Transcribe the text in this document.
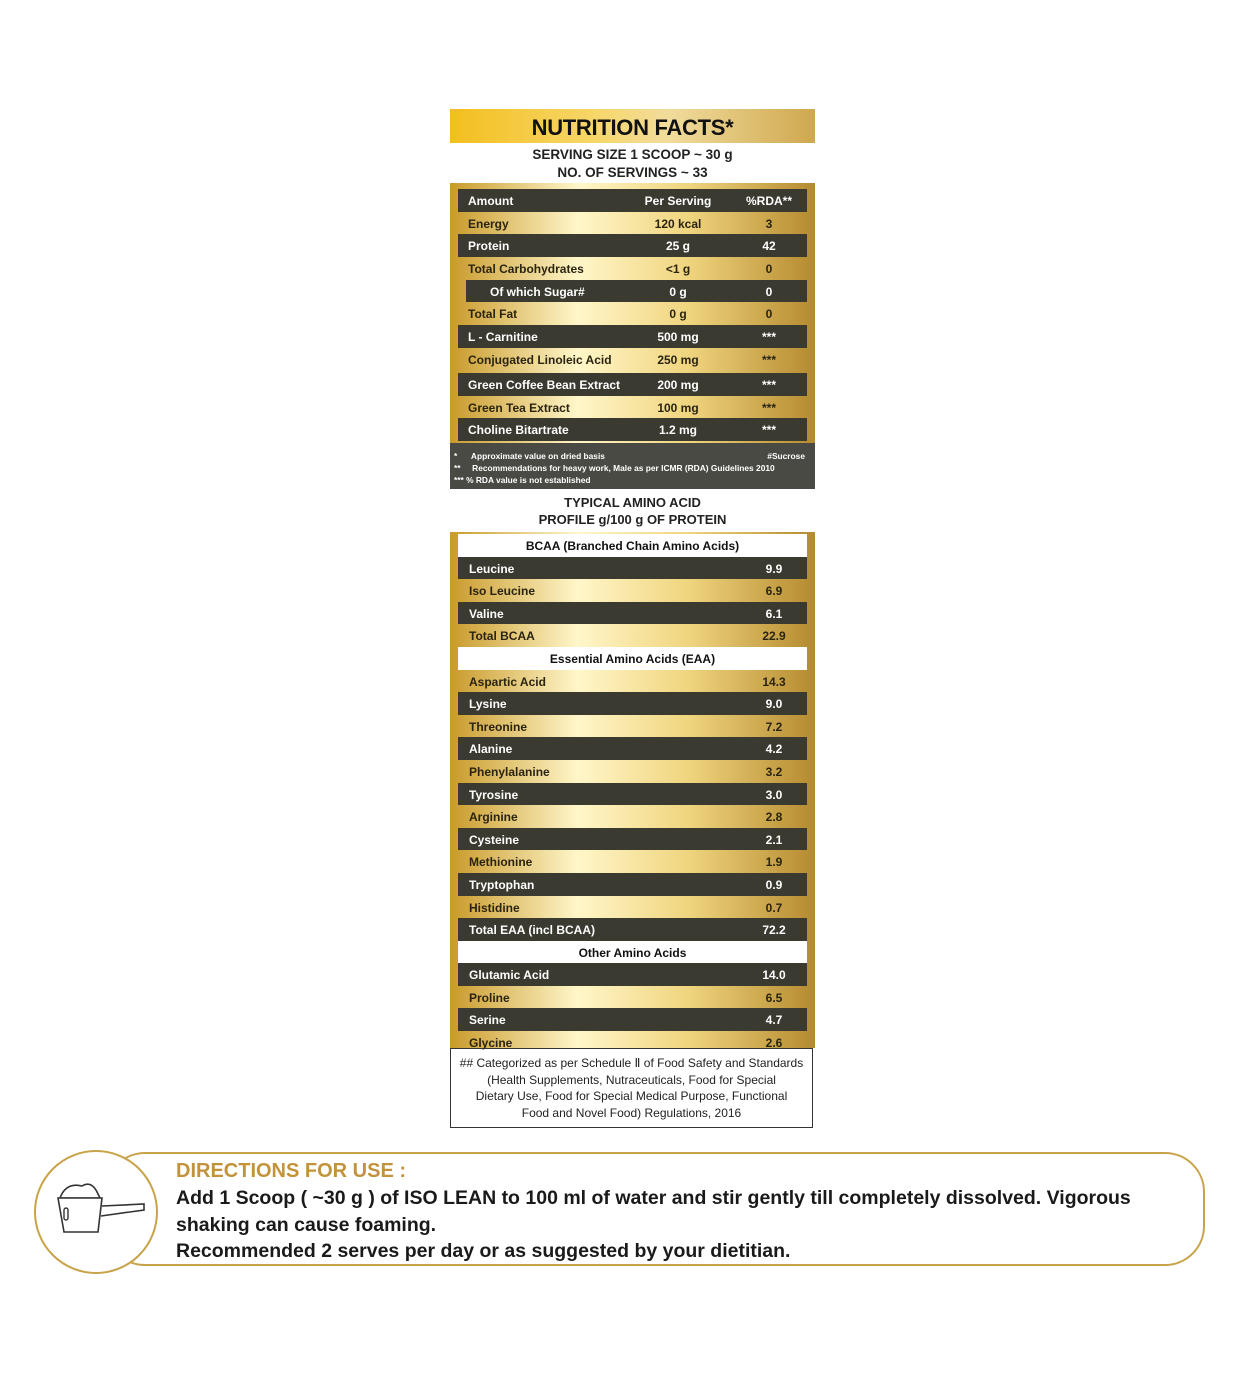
NUTRITION FACTS*
SERVING SIZE 1 SCOOP ~ 30 g
NO. OF SERVINGS ~ 33
Amount	Per Serving	%RDA**
Energy	120 kcal	3
Protein	25 g	42
Total Carbohydrates	<1 g	0
Of which Sugar#	0 g	0
Total Fat	0 g	0
L - Carnitine	500 mg	***
Conjugated Linoleic Acid	250 mg	***
Green Coffee Bean Extract	200 mg	***
Green Tea Extract	100 mg	***
Choline Bitartrate	1.2 mg	***
*      Approximate value on dried basis	#Sucrose
**     Recommendations for heavy work, Male as per ICMR (RDA) Guidelines 2010
*** % RDA value is not established
TYPICAL AMINO ACID
PROFILE g/100 g OF PROTEIN
BCAA (Branched Chain Amino Acids)
Leucine	9.9
Iso Leucine	6.9
Valine	6.1
Total BCAA	22.9
Essential Amino Acids (EAA)
Aspartic Acid	14.3
Lysine	9.0
Threonine	7.2
Alanine	4.2
Phenylalanine	3.2
Tyrosine	3.0
Arginine	2.8
Cysteine	2.1
Methionine	1.9
Tryptophan	0.9
Histidine	0.7
Total EAA (incl BCAA)	72.2
Other Amino Acids
Glutamic Acid	14.0
Proline	6.5
Serine	4.7
Glycine	2.6
## Categorized as per Schedule Ⅱ of Food Safety and Standards
(Health Supplements, Nutraceuticals, Food for Special
Dietary Use, Food for Special Medical Purpose, Functional
Food and Novel Food) Regulations, 2016
DIRECTIONS FOR USE :
Add 1 Scoop ( ~30 g ) of ISO LEAN to 100 ml of water and stir gently till completely dissolved. Vigorous
shaking can cause foaming.
Recommended 2 serves per day or as suggested by your dietitian.
